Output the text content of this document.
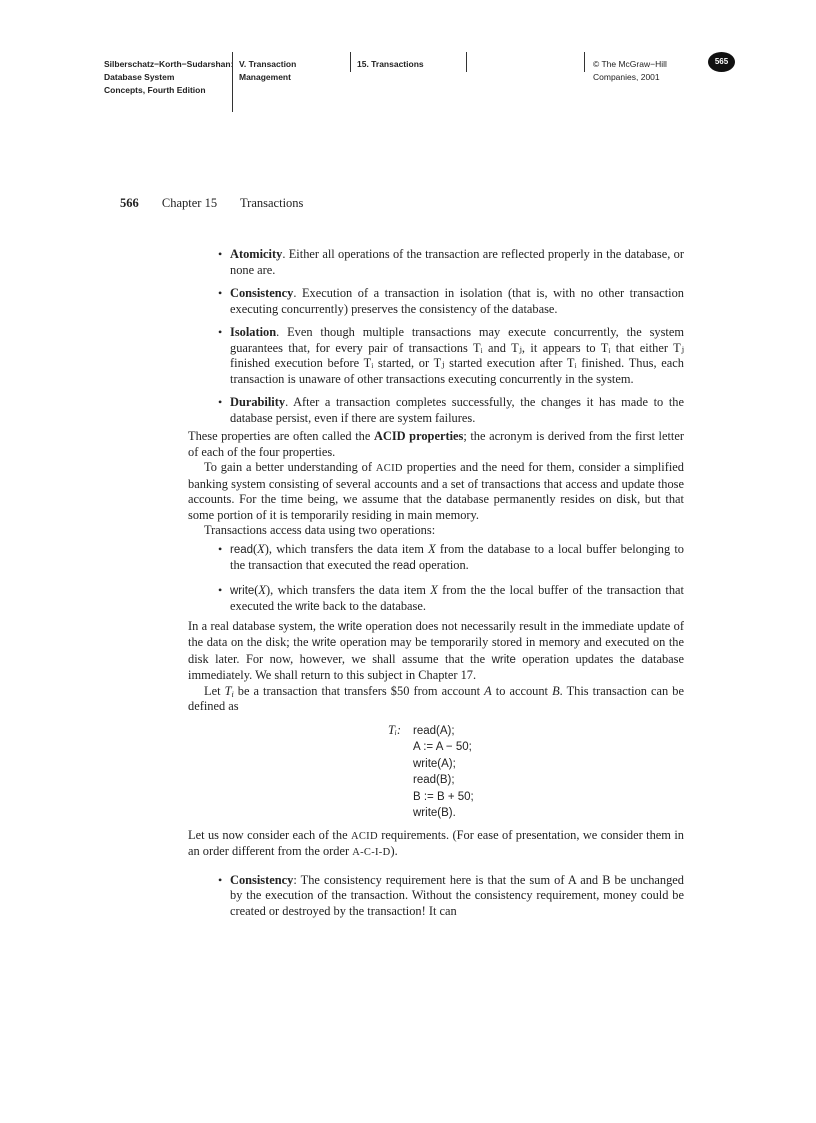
Silberschatz−Korth−Sudarshan:
Database System
Concepts, Fourth Edition
V. Transaction
Management
15. Transactions	© The McGraw−Hill
Companies, 2001
565
566 Chapter 15 Transactions
• Atomicity. Either all operations of the transaction are reflected properly in the database, or none are.
• Consistency. Execution of a transaction in isolation (that is, with no other transaction executing concurrently) preserves the consistency of the database.
• Isolation. Even though multiple transactions may execute concurrently, the system guarantees that, for every pair of transactions Tᵢ and Tⱼ, it appears to Tᵢ that either Tⱼ finished execution before Tᵢ started, or Tⱼ started execution after Tᵢ finished. Thus, each transaction is unaware of other transactions executing concurrently in the system.
• Durability. After a transaction completes successfully, the changes it has made to the database persist, even if there are system failures.

These properties are often called the ACID properties; the acronym is derived from the first letter of each of the four properties.

To gain a better understanding of ACID properties and the need for them, consider a simplified banking system consisting of several accounts and a set of transactions that access and update those accounts. For the time being, we assume that the database permanently resides on disk, but that some portion of it is temporarily residing in main memory.

Transactions access data using two operations:

• read(X), which transfers the data item X from the database to a local buffer belonging to the transaction that executed the read operation.
• write(X), which transfers the data item X from the the local buffer of the transaction that executed the write back to the database.

In a real database system, the write operation does not necessarily result in the immediate update of the data on the disk; the write operation may be temporarily stored in memory and executed on the disk later. For now, however, we shall assume that the write operation updates the database immediately. We shall return to this subject in Chapter 17.

Let $T_i$ be a transaction that transfers $50 from account A to account B. This transaction can be defined as

Tᵢ: read(A);
A := A − 50;
write(A);
read(B);
B := B + 50;
write(B).

Let us now consider each of the ACID requirements. (For ease of presentation, we consider them in an order different from the order A-C-I-D).

• Consistency: The consistency requirement here is that the sum of A and B be unchanged by the execution of the transaction. Without the consistency requirement, money could be created or destroyed by the transaction! It can
